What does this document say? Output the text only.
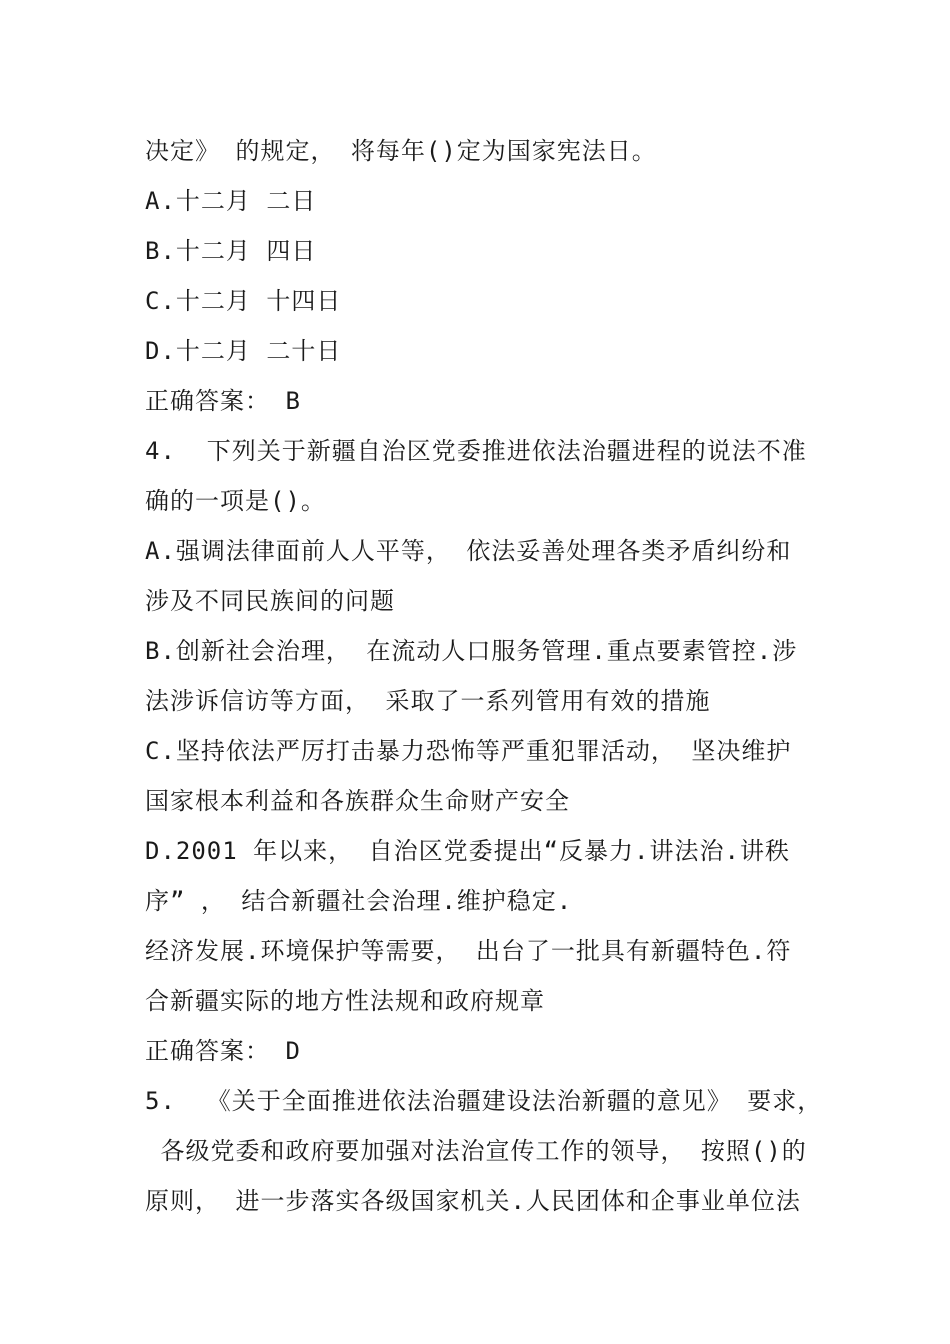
决定》 的规定， 将每年()定为国家宪法日。
A.十二月 二日
B.十二月 四日
C.十二月 十四日
D.十二月 二十日
正确答案： B
4.  下列关于新疆自治区党委推进依法治疆进程的说法不准
确的一项是()。
A.强调法律面前人人平等， 依法妥善处理各类矛盾纠纷和
涉及不同民族间的问题
B.创新社会治理， 在流动人口服务管理.重点要素管控.涉
法涉诉信访等方面， 采取了一系列管用有效的措施
C.坚持依法严厉打击暴力恐怖等严重犯罪活动， 坚决维护
国家根本利益和各族群众生命财产安全
D.2001 年以来， 自治区党委提出“反暴力.讲法治.讲秩
序” ， 结合新疆社会治理.维护稳定.
经济发展.环境保护等需要， 出台了一批具有新疆特色.符
合新疆实际的地方性法规和政府规章
正确答案： D
5.  《关于全面推进依法治疆建设法治新疆的意见》 要求，
各级党委和政府要加强对法治宣传工作的领导， 按照()的
原则， 进一步落实各级国家机关.人民团体和企事业单位法
